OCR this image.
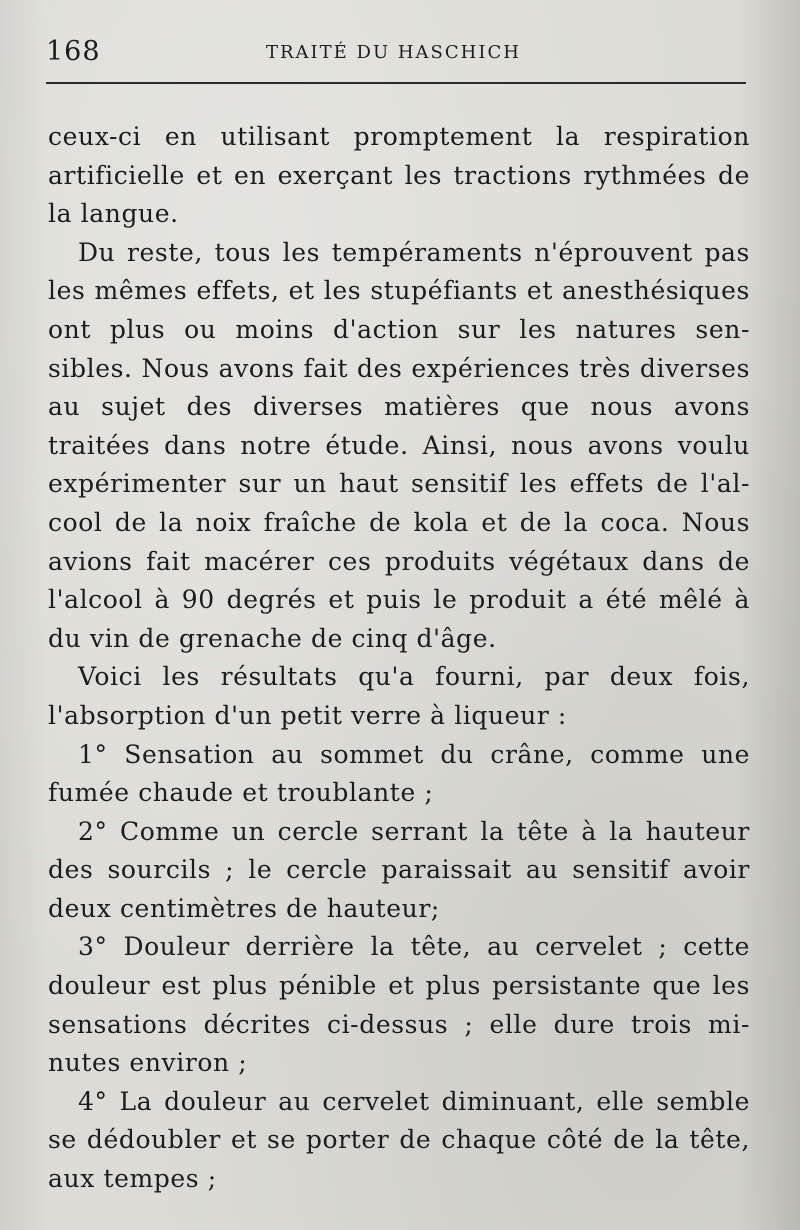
168	TRAITÉ DU HASCHICH
ceux-ci en utilisant promptement la respiration
artificielle et en exerçant les tractions rythmées de
la langue.
Du reste, tous les tempéraments n'éprouvent pas
les mêmes effets, et les stupéfiants et anesthésiques
ont plus ou moins d'action sur les natures sen-
sibles. Nous avons fait des expériences très diverses
au sujet des diverses matières que nous avons
traitées dans notre étude. Ainsi, nous avons voulu
expérimenter sur un haut sensitif les effets de l'al-
cool de la noix fraîche de kola et de la coca. Nous
avions fait macérer ces produits végétaux dans de
l'alcool à 90 degrés et puis le produit a été mêlé à
du vin de grenache de cinq d'âge.
Voici les résultats qu'a fourni, par deux fois,
l'absorption d'un petit verre à liqueur :
1° Sensation au sommet du crâne, comme une
fumée chaude et troublante ;
2° Comme un cercle serrant la tête à la hauteur
des sourcils ; le cercle paraissait au sensitif avoir
deux centimètres de hauteur;
3° Douleur derrière la tête, au cervelet ; cette
douleur est plus pénible et plus persistante que les
sensations décrites ci-dessus ; elle dure trois mi-
nutes environ ;
4° La douleur au cervelet diminuant, elle semble
se dédoubler et se porter de chaque côté de la tête,
aux tempes ;
